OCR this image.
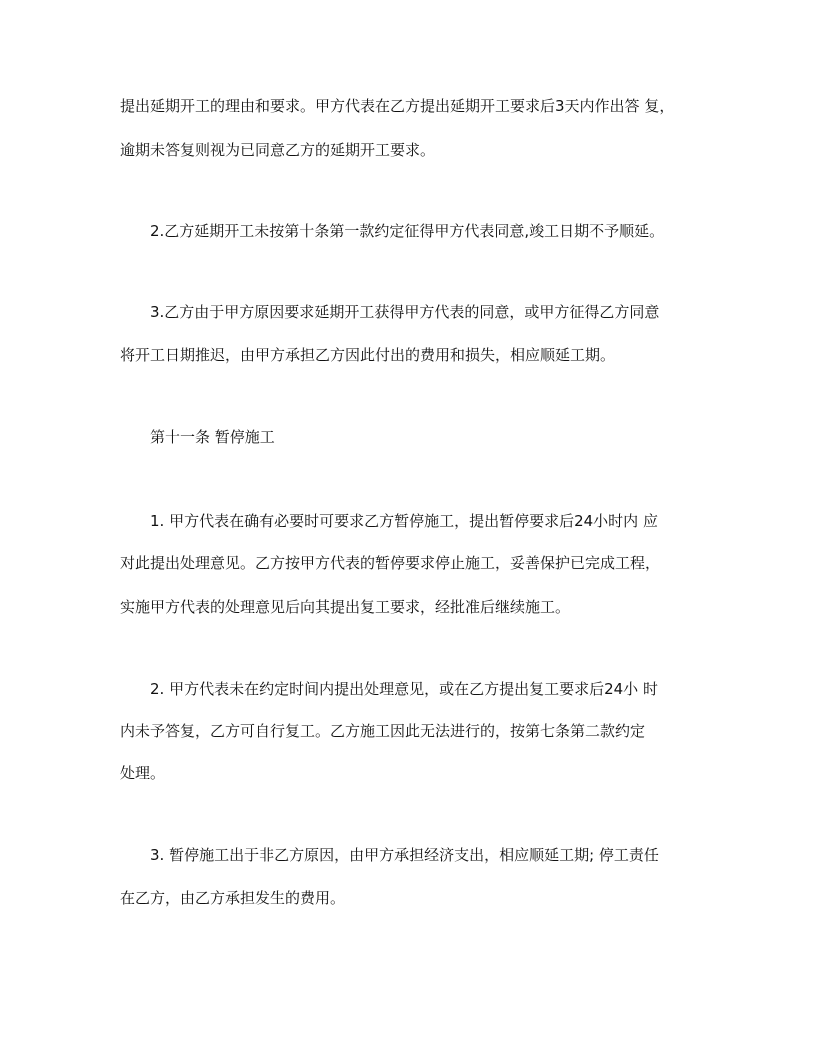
提出延期开工的理由和要求。甲方代表在乙方提出延期开工要求后3天内作出答 复，
逾期未答复则视为已同意乙方的延期开工要求。
2.乙方延期开工未按第十条第一款约定征得甲方代表同意,竣工日期不予顺延。
3.乙方由于甲方原因要求延期开工获得甲方代表的同意，或甲方征得乙方同意
将开工日期推迟，由甲方承担乙方因此付出的费用和损失，相应顺延工期。
第十一条 暂停施工
1. 甲方代表在确有必要时可要求乙方暂停施工，提出暂停要求后24小时内 应
对此提出处理意见。乙方按甲方代表的暂停要求停止施工，妥善保护已完成工程，
实施甲方代表的处理意见后向其提出复工要求，经批准后继续施工。
2. 甲方代表未在约定时间内提出处理意见，或在乙方提出复工要求后24小 时
内未予答复，乙方可自行复工。乙方施工因此无法进行的，按第七条第二款约定
处理。
3. 暂停施工出于非乙方原因，由甲方承担经济支出，相应顺延工期; 停工责任
在乙方，由乙方承担发生的费用。
